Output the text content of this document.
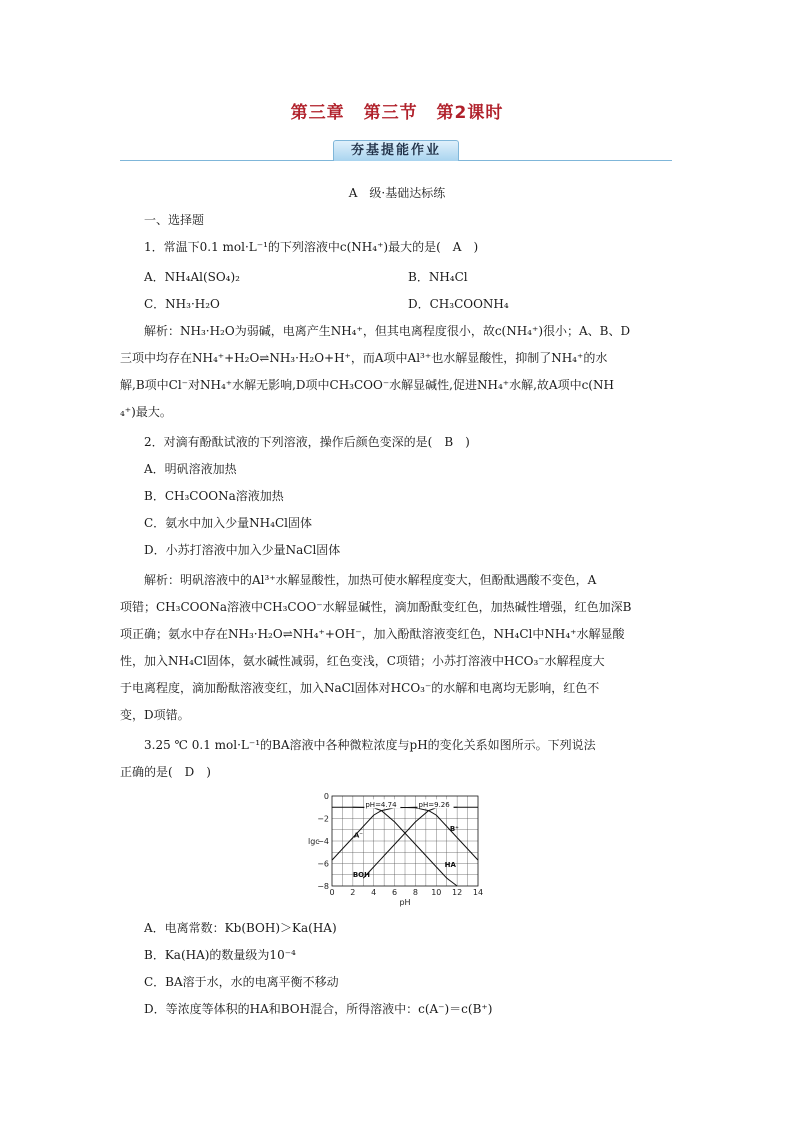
第三章 第三节 第2课时
夯基提能作业
A　级·基础达标练

一、选择题

1．常温下0.1 mol·L⁻¹的下列溶液中c(NH₄⁺)最大的是(　A　)

A．NH₄Al(SO₄)₂	B．NH₄Cl
C．NH₃·H₂O	D．CH₃COONH₄

解析：NH₃·H₂O为弱碱，电离产生NH₄⁺，但其电离程度很小，故c(NH₄⁺)很小；A、B、D

三项中均存在NH₄⁺+H₂O⇌NH₃·H₂O+H⁺，而A项中Al³⁺也水解显酸性，抑制了NH₄⁺的水

解,B项中Cl⁻对NH₄⁺水解无影响,D项中CH₃COO⁻水解显碱性,促进NH₄⁺水解,故A项中c(NH

₄⁺)最大。

2．对滴有酚酞试液的下列溶液，操作后颜色变深的是(　B　)

A．明矾溶液加热

B．CH₃COONa溶液加热

C．氨水中加入少量NH₄Cl固体

D．小苏打溶液中加入少量NaCl固体

解析：明矾溶液中的Al³⁺水解显酸性，加热可使水解程度变大，但酚酞遇酸不变色，A

项错；CH₃COONa溶液中CH₃COO⁻水解显碱性，滴加酚酞变红色，加热碱性增强，红色加深B

项正确；氨水中存在NH₃·H₂O⇌NH₄⁺+OH⁻，加入酚酞溶液变红色，NH₄Cl中NH₄⁺水解显酸

性，加入NH₄Cl固体，氨水碱性减弱，红色变浅，C项错；小苏打溶液中HCO₃⁻水解程度大

于电离程度，滴加酚酞溶液变红，加入NaCl固体对HCO₃⁻的水解和电离均无影响，红色不

变，D项错。

3.25 ℃ 0.1 mol·L⁻¹的BA溶液中各种微粒浓度与pH的变化关系如图所示。下列说法

正确的是(　D　)

0 2 4 6 8 10 12 14
0
−2
−4
−6
−8
pH
lgc
A⁻
HA
B⁺
BOH
pH=4.74	pH=9.26

A．电离常数：Kb(BOH)＞Ka(HA)

B．Ka(HA)的数量级为10⁻⁴

C．BA溶于水，水的电离平衡不移动

D．等浓度等体积的HA和BOH混合，所得溶液中：c(A⁻)＝c(B⁺)
